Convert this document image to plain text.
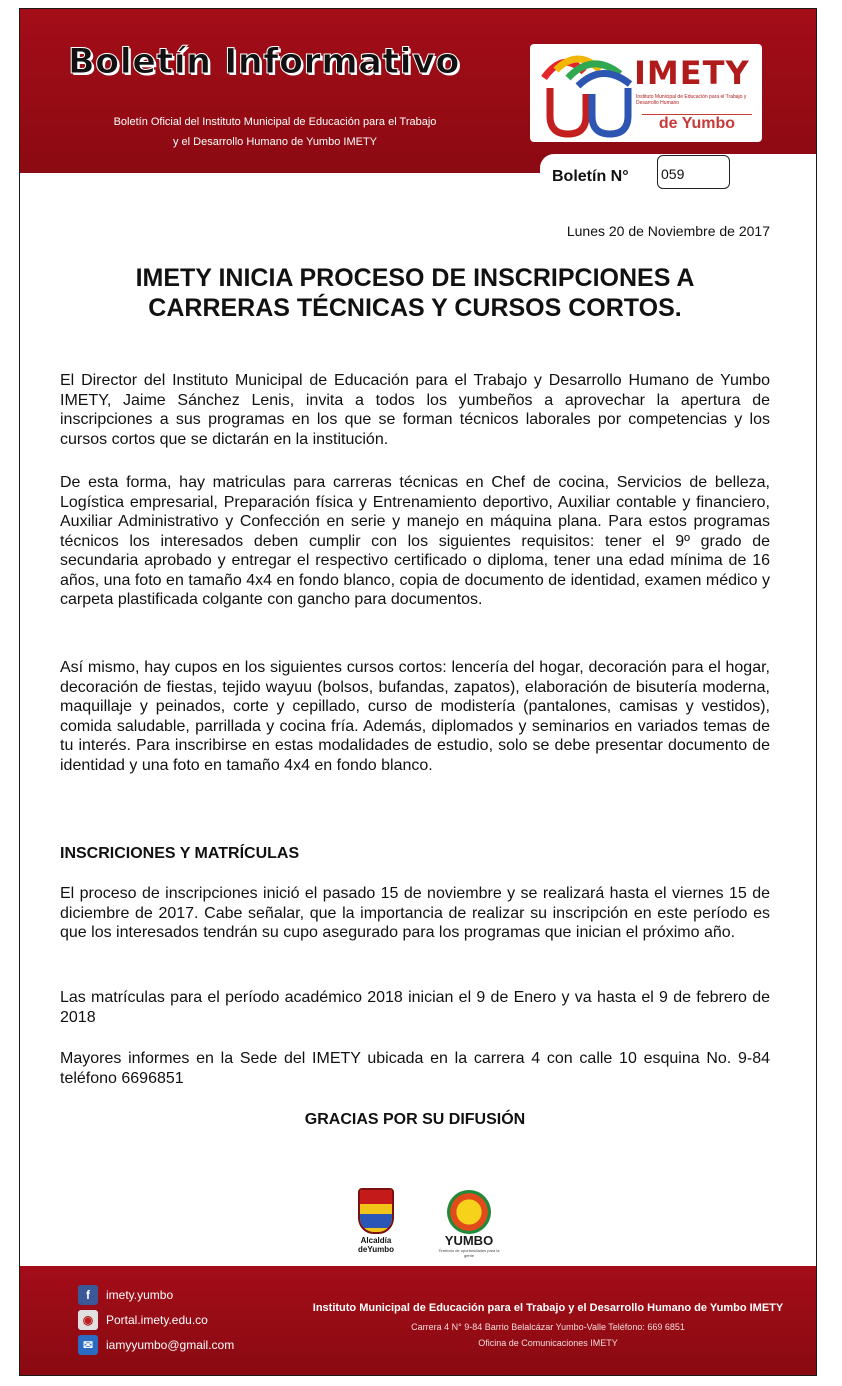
Boletín Informativo
Boletín Oficial del Instituto Municipal de Educación para el Trabajo
y el Desarrollo Humano de Yumbo IMETY
IMETY
Instituto Municipal de Educación para el Trabajo y Desarrollo Humano
de Yumbo
Boletín N° 059
Lunes 20 de Noviembre de 2017
IMETY INICIA PROCESO DE INSCRIPCIONES A
CARRERAS TÉCNICAS Y CURSOS CORTOS.
El Director del Instituto Municipal de Educación para el Trabajo y Desarrollo Humano de Yumbo IMETY, Jaime Sánchez Lenis, invita a todos los yumbeños a aprovechar la apertura de inscripciones a sus programas en los que se forman técnicos laborales por competencias y los cursos cortos que se dictarán en la institución.
De esta forma, hay matriculas para carreras técnicas en Chef de cocina, Servicios de belleza, Logística empresarial, Preparación física y Entrenamiento deportivo, Auxiliar contable y financiero, Auxiliar Administrativo y Confección en serie y manejo en máquina plana. Para estos programas técnicos los interesados deben cumplir con los siguientes requisitos: tener el 9º grado de secundaria aprobado y entregar el respectivo certificado o diploma, tener una edad mínima de 16 años, una foto en tamaño 4x4 en fondo blanco, copia de documento de identidad, examen médico y carpeta plastificada colgante con gancho para documentos.
Así mismo, hay cupos en los siguientes cursos cortos: lencería del hogar, decoración para el hogar, decoración de fiestas, tejido wayuu (bolsos, bufandas, zapatos), elaboración de bisutería moderna, maquillaje y peinados, corte y cepillado, curso de modistería (pantalones, camisas y vestidos), comida saludable, parrillada y cocina fría. Además, diplomados y seminarios en variados temas de tu interés. Para inscribirse en estas modalidades de estudio, solo se debe presentar documento de identidad y una foto en tamaño 4x4 en fondo blanco.
INSCRICIONES Y MATRÍCULAS
El proceso de inscripciones inició el pasado 15 de noviembre y se realizará hasta el viernes 15 de diciembre de 2017. Cabe señalar, que la importancia de realizar su inscripción en este período es que los interesados tendrán su cupo asegurado para los programas que inician el próximo año.
Las matrículas para el período académico 2018 inician el 9 de Enero y va hasta el 9 de febrero de 2018
Mayores informes en la Sede del IMETY ubicada en la carrera 4 con calle 10 esquina No. 9-84 teléfono 6696851
GRACIAS POR SU DIFUSIÓN
Alcaldía
deYumbo
YUMBO
Territorio de oportunidades para la gente
f	imety.yumbo
◉	Portal.imety.edu.co
✉	iamyyumbo@gmail.com
Instituto Municipal de Educación para el Trabajo y el Desarrollo Humano de Yumbo IMETY
Carrera 4 N° 9-84 Barrio Belalcázar Yumbo-Valle Teléfono: 669 6851
Oficina de Comunicaciones IMETY
